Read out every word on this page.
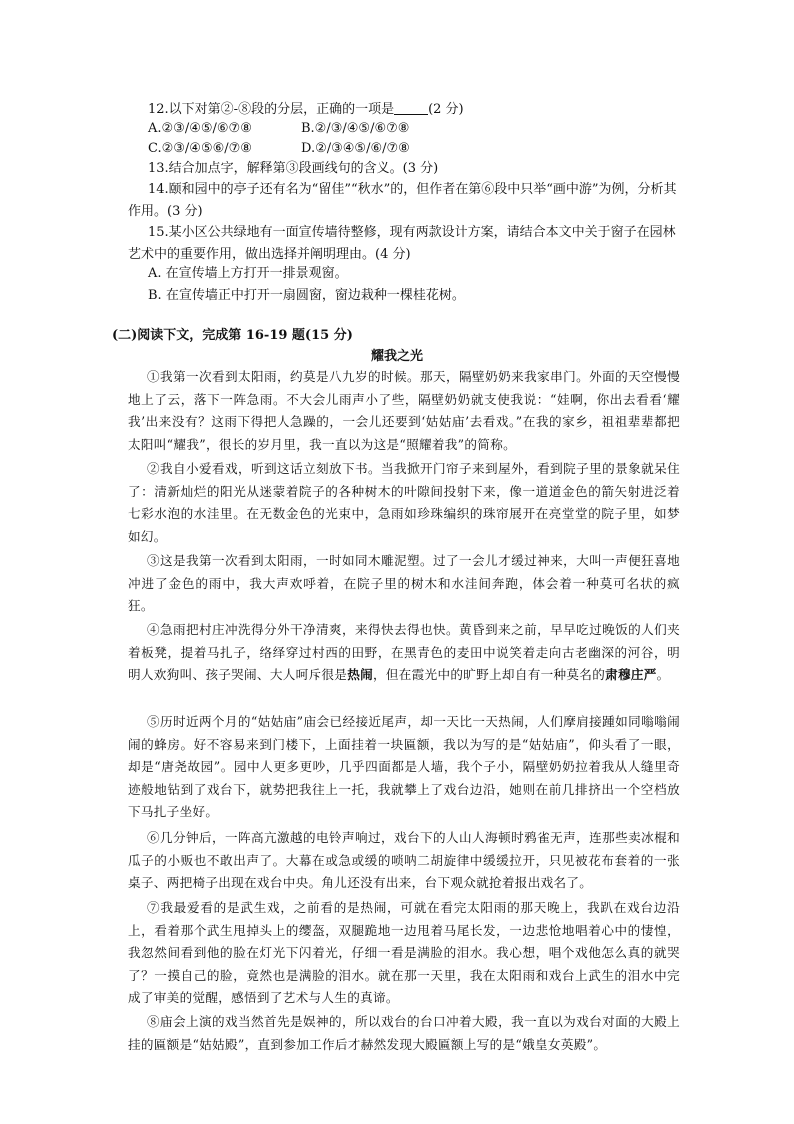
12.以下对第②-⑧段的分层，正确的一项是	(2 分)
A.②③/④⑤/⑥⑦⑧	B.②/③/④⑤/⑥⑦⑧
C.②③/④⑤⑥/⑦⑧	D.②/③④⑤/⑥/⑦⑧
13.结合加点字，解释第③段画线句的含义。(3 分)
14.颐和园中的亭子还有名为“留佳”“秋水”的，但作者在第⑥段中只举“画中游”为例，分析其作用。(3 分)
15.某小区公共绿地有一面宣传墙待整修，现有两款设计方案，请结合本文中关于窗子在园林艺术中的重要作用，做出选择并阐明理由。(4 分)
A. 在宣传墙上方打开一排景观窗。
B. 在宣传墙正中打开一扇圆窗，窗边栽种一棵桂花树。
(二)阅读下文，完成第 16-19 题(15 分)
耀我之光
①我第一次看到太阳雨，约莫是八九岁的时候。那天，隔壁奶奶来我家串门。外面的天空慢慢地上了云，落下一阵急雨。不大会儿雨声小了些，隔壁奶奶就支使我说：“娃啊，你出去看看‘耀我’出来没有？这雨下得把人急躁的，一会儿还要到‘姑姑庙’去看戏。”在我的家乡，祖祖辈辈都把太阳叫“耀我”，很长的岁月里，我一直以为这是“照耀着我”的简称。
②我自小爱看戏，听到这话立刻放下书。当我掀开门帘子来到屋外，看到院子里的景象就呆住了：清新灿烂的阳光从迷蒙着院子的各种树木的叶隙间投射下来，像一道道金色的箭矢射进泛着七彩水泡的水洼里。在无数金色的光束中，急雨如珍珠编织的珠帘展开在亮堂堂的院子里，如梦如幻。
③这是我第一次看到太阳雨，一时如同木雕泥塑。过了一会儿才缓过神来，大叫一声便狂喜地冲进了金色的雨中，我大声欢呼着，在院子里的树木和水洼间奔跑，体会着一种莫可名状的疯狂。
④急雨把村庄冲洗得分外干净清爽，来得快去得也快。黄昏到来之前，早早吃过晚饭的人们夹着板凳，提着马扎子，络绎穿过村西的田野，在黑青色的麦田中说笑着走向古老幽深的河谷，明明人欢狗叫、孩子哭闹、大人呵斥很是热闹，但在霞光中的旷野上却自有一种莫名的肃穆庄严。
⑤历时近两个月的“姑姑庙”庙会已经接近尾声，却一天比一天热闹，人们摩肩接踵如同嗡嗡闹闹的蜂房。好不容易来到门楼下，上面挂着一块匾额，我以为写的是“姑姑庙”，仰头看了一眼，却是“唐尧故园”。园中人更多更吵，几乎四面都是人墙，我个子小，隔壁奶奶拉着我从人缝里奇迹般地钻到了戏台下，就势把我往上一托，我就攀上了戏台边沿，她则在前几排挤出一个空档放下马扎子坐好。
⑥几分钟后，一阵高亢激越的电铃声响过，戏台下的人山人海顿时鸦雀无声，连那些卖冰棍和瓜子的小贩也不敢出声了。大幕在或急或缓的唢呐二胡旋律中缓缓拉开，只见被花布套着的一张桌子、两把椅子出现在戏台中央。角儿还没有出来，台下观众就抢着报出戏名了。
⑦我最爱看的是武生戏，之前看的是热闹，可就在看完太阳雨的那天晚上，我趴在戏台边沿上，看着那个武生甩掉头上的缨盔，双腿跪地一边甩着马尾长发，一边悲怆地唱着心中的悽惶，我忽然间看到他的脸在灯光下闪着光，仔细一看是满脸的泪水。我心想，唱个戏他怎么真的就哭了？一摸自己的脸，竟然也是满脸的泪水。就在那一天里，我在太阳雨和戏台上武生的泪水中完成了审美的觉醒，感悟到了艺术与人生的真谛。
⑧庙会上演的戏当然首先是娱神的，所以戏台的台口冲着大殿，我一直以为戏台对面的大殿上挂的匾额是“姑姑殿”，直到参加工作后才赫然发现大殿匾额上写的是“娥皇女英殿”。
